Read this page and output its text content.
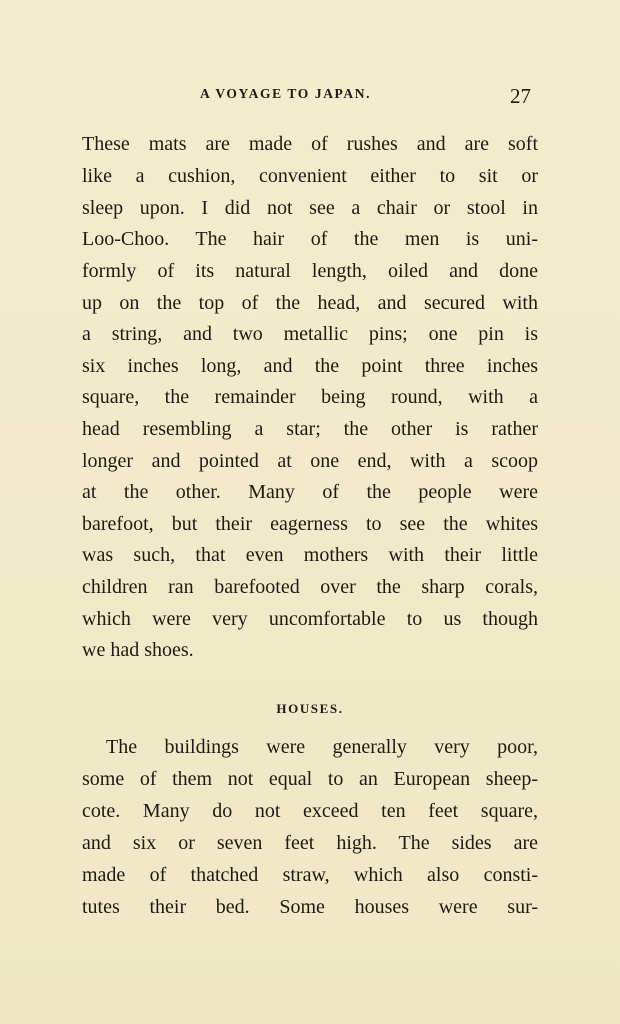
A VOYAGE TO JAPAN.	27
These mats are made of rushes and are soft
like a cushion, convenient either to sit or
sleep upon. I did not see a chair or stool in
Loo-Choo. The hair of the men is uni-
formly of its natural length, oiled and done
up on the top of the head, and secured with
a string, and two metallic pins; one pin is
six inches long, and the point three inches
square, the remainder being round, with a
head resembling a star; the other is rather
longer and pointed at one end, with a scoop
at the other. Many of the people were
barefoot, but their eagerness to see the whites
was such, that even mothers with their little
children ran barefooted over the sharp corals,
which were very uncomfortable to us though
we had shoes.
HOUSES.
The buildings were generally very poor,
some of them not equal to an European sheep-
cote. Many do not exceed ten feet square,
and six or seven feet high. The sides are
made of thatched straw, which also consti-
tutes their bed. Some houses were sur-
